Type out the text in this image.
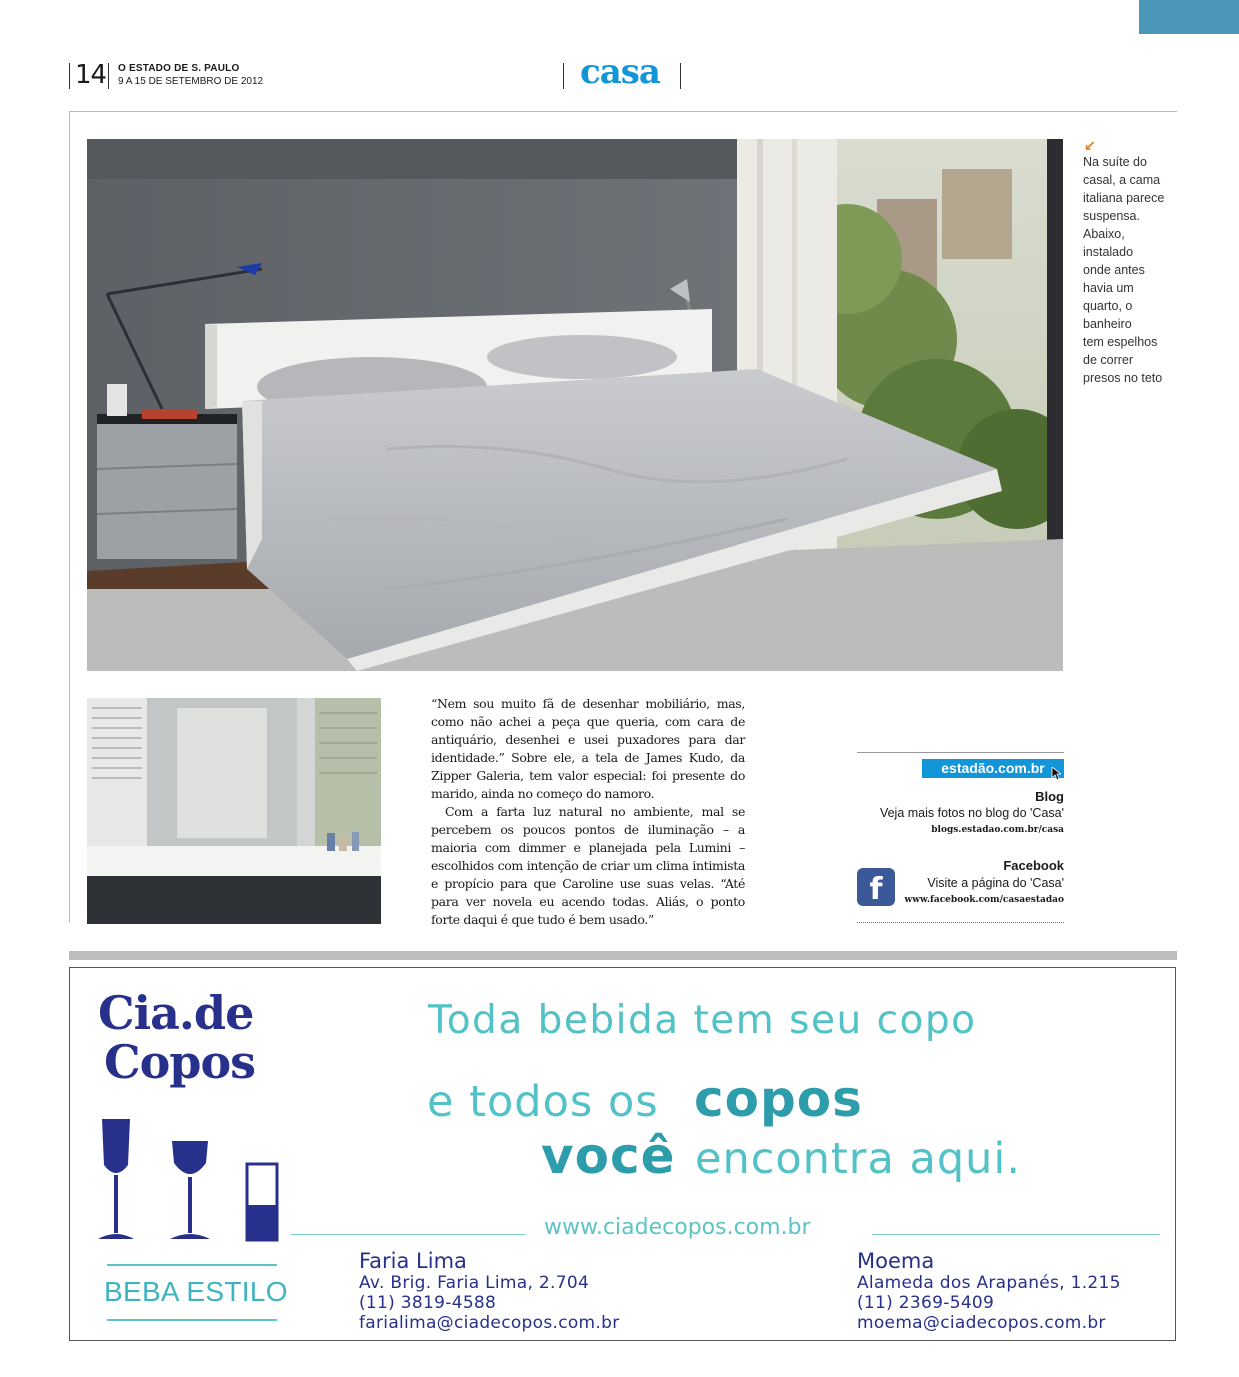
14 O ESTADO DE S. PAULO
9 A 15 DE SETEMBRO DE 2012	casa
↙
Na suíte do
casal, a cama
italiana parece
suspensa.
Abaixo,
instalado
onde antes
havia um
quarto, o
banheiro
tem espelhos
de correr
presos no teto

“Nem sou muito fã de desenhar mobiliário, mas, como não achei a peça que queria, com cara de antiquário, desenhei e usei puxadores para dar identidade.” Sobre ele, a tela de James Kudo, da Zipper Galeria, tem valor especial: foi presente do marido, ainda no começo do namoro.

Com a farta luz natural no ambiente, mal se percebem os poucos pontos de iluminação – a maioria com dimmer e planejada pela Lumini – escolhidos com intenção de criar um clima intimista e propício para que Caroline use suas velas. “Até para ver novela eu acendo todas. Aliás, o ponto forte daqui é que tudo é bem usado.”

estadão.com.br
Blog
Veja mais fotos no blog do 'Casa'
blogs.estadao.com.br/casa
Facebook
f	Visite a página do 'Casa'
www.facebook.com/casaestadao
Cia.de
Copos
BEBA ESTILO
Toda bebida tem seu copo
e todos os copos
você encontra aqui.
www.ciadecopos.com.br
Faria Lima
Av. Brig. Faria Lima, 2.704
(11) 3819-4588
farialima@ciadecopos.com.br
Moema
Alameda dos Arapanés, 1.215
(11) 2369-5409
moema@ciadecopos.com.br
